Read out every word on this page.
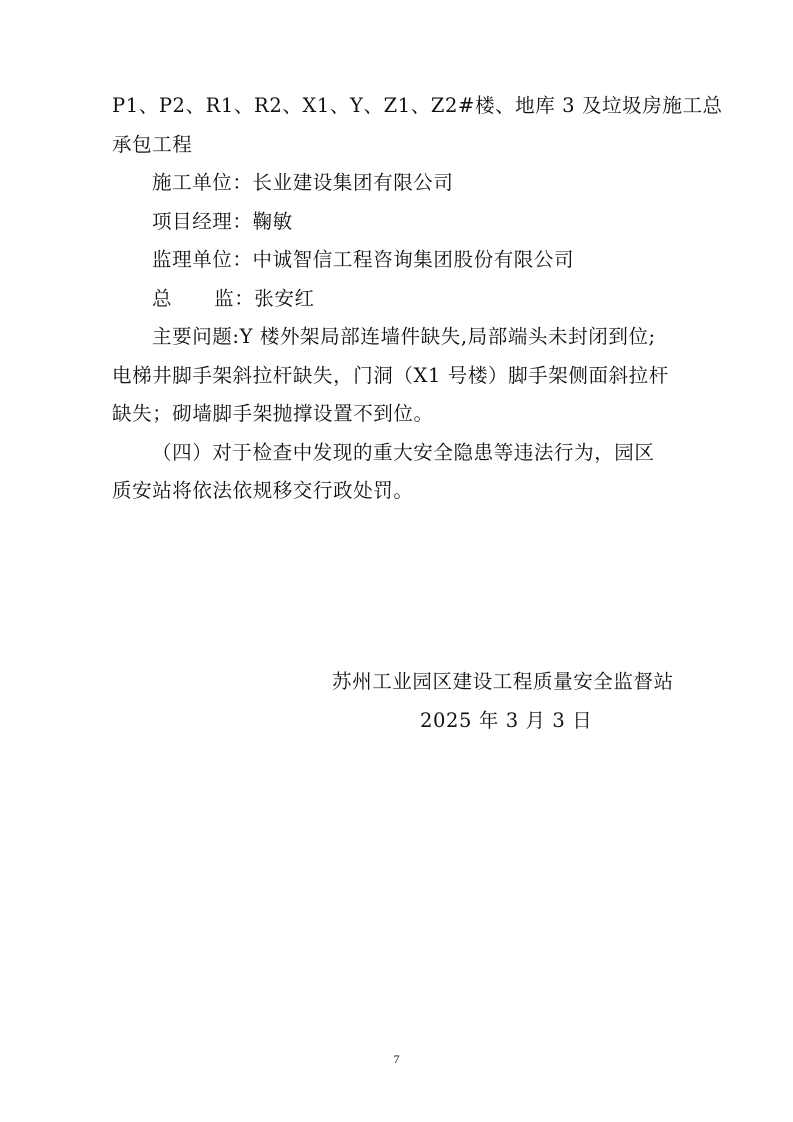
P1、P2、R1、R2、X1、Y、Z1、Z2#楼、地库 3 及垃圾房施工总
承包工程
施工单位：长业建设集团有限公司
项目经理：鞠敏
监理单位：中诚智信工程咨询集团股份有限公司
总 监：张安红
主要问题:Y 楼外架局部连墙件缺失,局部端头未封闭到位;
电梯井脚手架斜拉杆缺失，门洞（X1 号楼）脚手架侧面斜拉杆
缺失；砌墙脚手架抛撑设置不到位。
（四）对于检查中发现的重大安全隐患等违法行为，园区
质安站将依法依规移交行政处罚。
苏州工业园区建设工程质量安全监督站
2025 年 3 月 3 日
7
